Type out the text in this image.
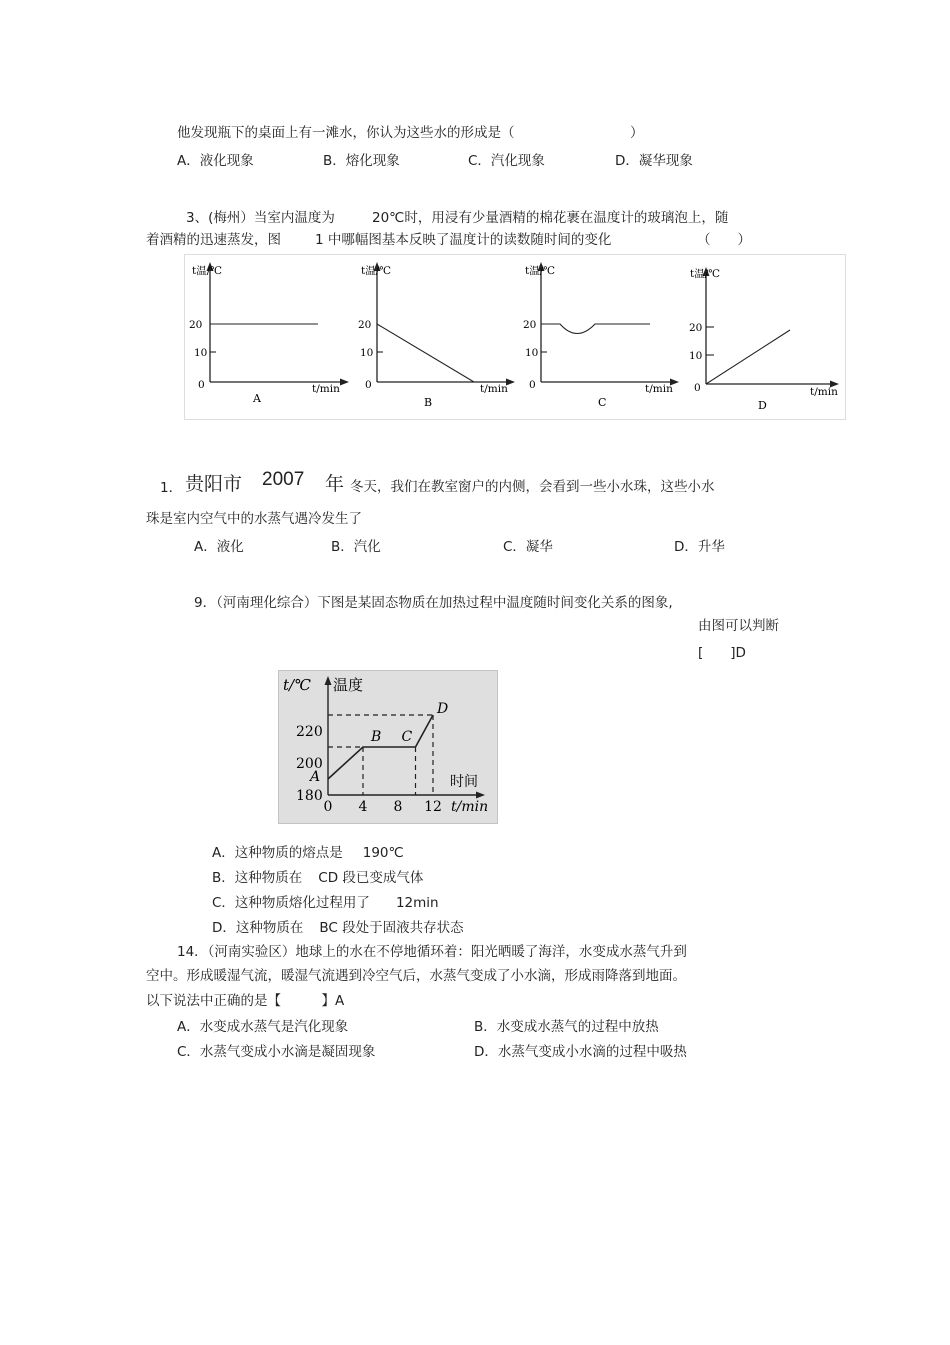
他发现瓶下的桌面上有一滩水，你认为这些水的形成是（	）
A．液化现象	B．熔化现象	C．汽化现象	D．凝华现象
3、(梅州）当室内温度为	20℃时，用浸有少量酒精的棉花裹在温度计的玻璃泡上，随
着酒精的迅速蒸发，图	1 中哪幅图基本反映了温度计的读数随时间的变化	（　　）
t温/℃
20
10
0	t/min
A
t温/℃
20
10
0	t/min
B
t温/℃
20
10
0	t/min
C
t温/℃
20
10
0	t/min
D
1． 贵阳市 2007 年 冬天，我们在教室窗户的内侧，会看到一些小水珠，这些小水
珠是室内空气中的水蒸气遇冷发生了
A．液化	B．汽化	C．凝华	D．升华
9．（河南理化综合）下图是某固态物质在加热过程中温度随时间变化关系的图象,
由图可以判断
[　　]D
t/℃ 温度
时间
t/min
220
200
180
0 4 8 12
A
B C
D
A．这种物质的熔点是 190℃
B．这种物质在 CD 段已变成气体
C．这种物质熔化过程用了 12min
D．这种物质在 BC 段处于固液共存状态
14．（河南实验区）地球上的水在不停地循环着：阳光晒暖了海洋，水变成水蒸气升到
空中。形成暖湿气流，暖湿气流遇到冷空气后，水蒸气变成了小水滴，形成雨降落到地面。
以下说法中正确的是【　　　】A
A．水变成水蒸气是汽化现象	B．水变成水蒸气的过程中放热
C．水蒸气变成小水滴是凝固现象	D．水蒸气变成小水滴的过程中吸热
